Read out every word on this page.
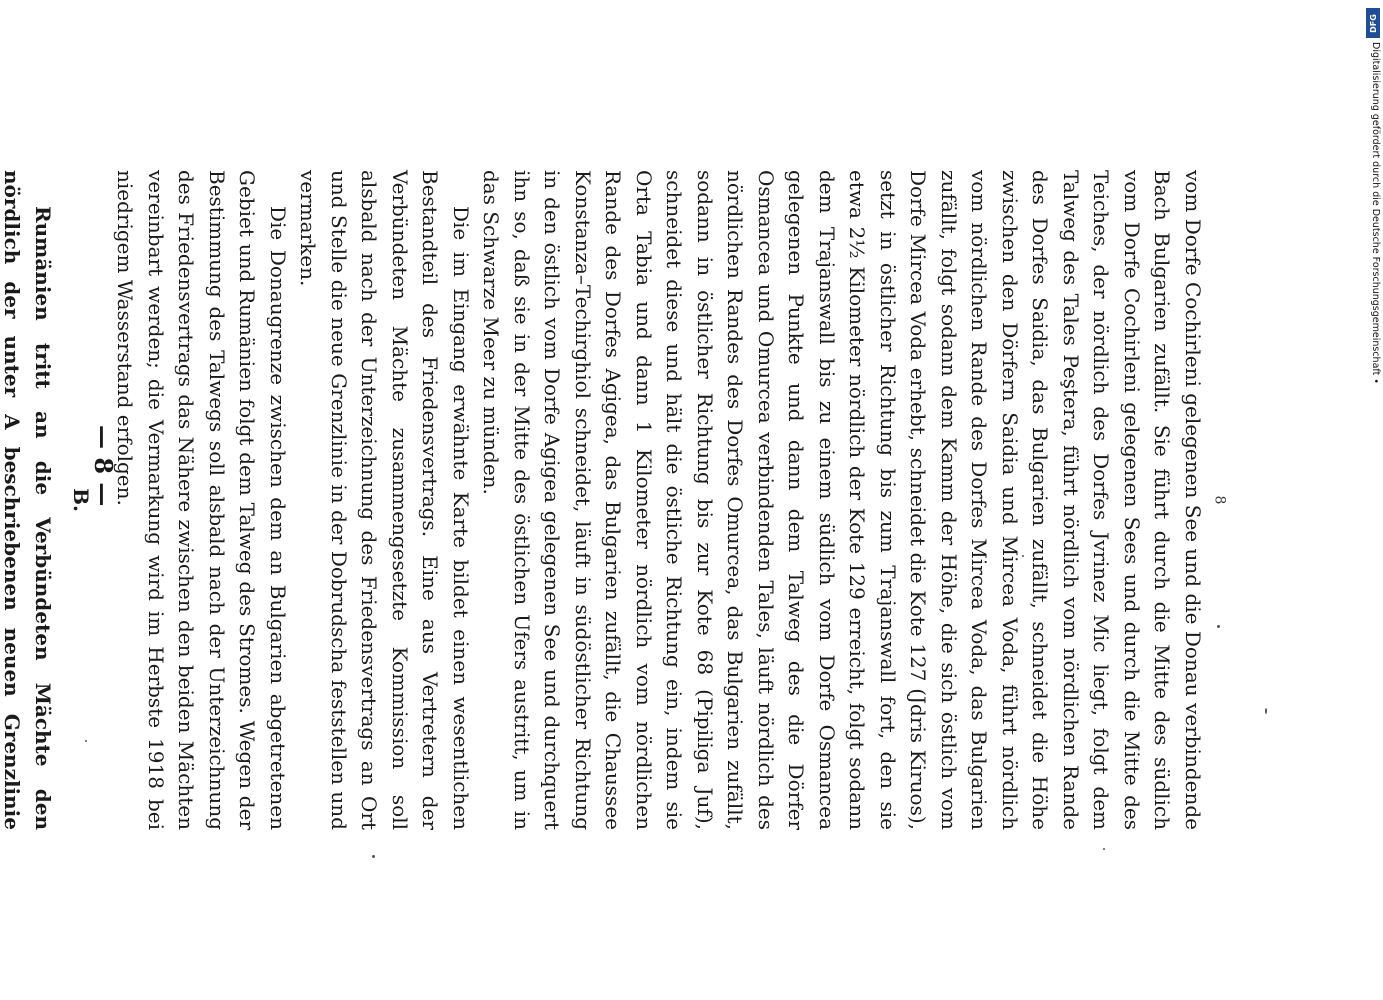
— 8 —	vom Dorfe Cochirleni gelegenen See und die Donau verbindende Bach Bulgarien zufällt. Sie führt durch die Mitte des südlich vom Dorfe Cochirleni gelegenen Sees und durch die Mitte des Teiches, der nördlich des Dorfes Jvrinez Mic liegt, folgt dem Talweg des Tales Peştera, führt nördlich vom nördlichen Rande des Dorfes Saidia, das Bulgarien zufällt, schneidet die Höhe zwischen den Dörfern Saidia und Mircea Voda, führt nördlich vom nördlichen Rande des Dorfes Mircea Voda, das Bulgarien zufällt, folgt sodann dem Kamm der Höhe, die sich östlich vom Dorfe Mircea Voda erhebt, schneidet die Kote 127 (Jdris Kiruos), setzt in östlicher Richtung bis zum Trajanswall fort, den sie etwa 2½ Kilometer nördlich der Kote 129 erreicht, folgt sodann dem Trajanswall bis zu einem südlich vom Dorfe Osmancea gelegenen Punkte und dann dem Talweg des die Dörfer Osmancea und Omurcea verbindenden Tales, läuft nördlich des nördlichen Randes des Dorfes Omurcea, das Bulgarien zufällt, sodann in östlicher Richtung bis zur Kote 68 (Pipiliga Juf), schneidet diese und hält die östliche Richtung ein, indem sie Orta Tabia und dann 1 Kilometer nördlich vom nördlichen Rande des Dorfes Agigea, das Bulgarien zufällt, die Chaussee Konstanza–Techirghiol schneidet, läuft in südöstlicher Richtung in den östlich vom Dorfe Agigea gelegenen See und durchquert ihn so, daß sie in der Mitte des östlichen Ufers austritt, um in das Schwarze Meer zu münden.

Die im Eingang erwähnte Karte bildet einen wesentlichen Bestandteil des Friedensvertrags. Eine aus Vertretern der Verbündeten Mächte zusammengesetzte Kommission soll alsbald nach der Unterzeichnung des Friedensvertrags an Ort und Stelle die neue Grenzlinie in der Dobrudscha feststellen und vermarken.

Die Donaugrenze zwischen dem an Bulgarien abgetretenen Gebiet und Rumänien folgt dem Talweg des Stromes. Wegen der Bestimmung des Talwegs soll alsbald nach der Unterzeichnung des Friedensvertrags das Nähere zwischen den beiden Mächten vereinbart werden; die Vermarkung wird im Herbste 1918 bei niedrigem Wasserstand erfolgen.

B.

Rumänien tritt an die Verbündeten Mächte den nördlich der unter A beschriebenen neuen Grenzlinie

8
DFG
Digitalisierung gefördert durch die Deutsche Forschungsgemeinschaft •
